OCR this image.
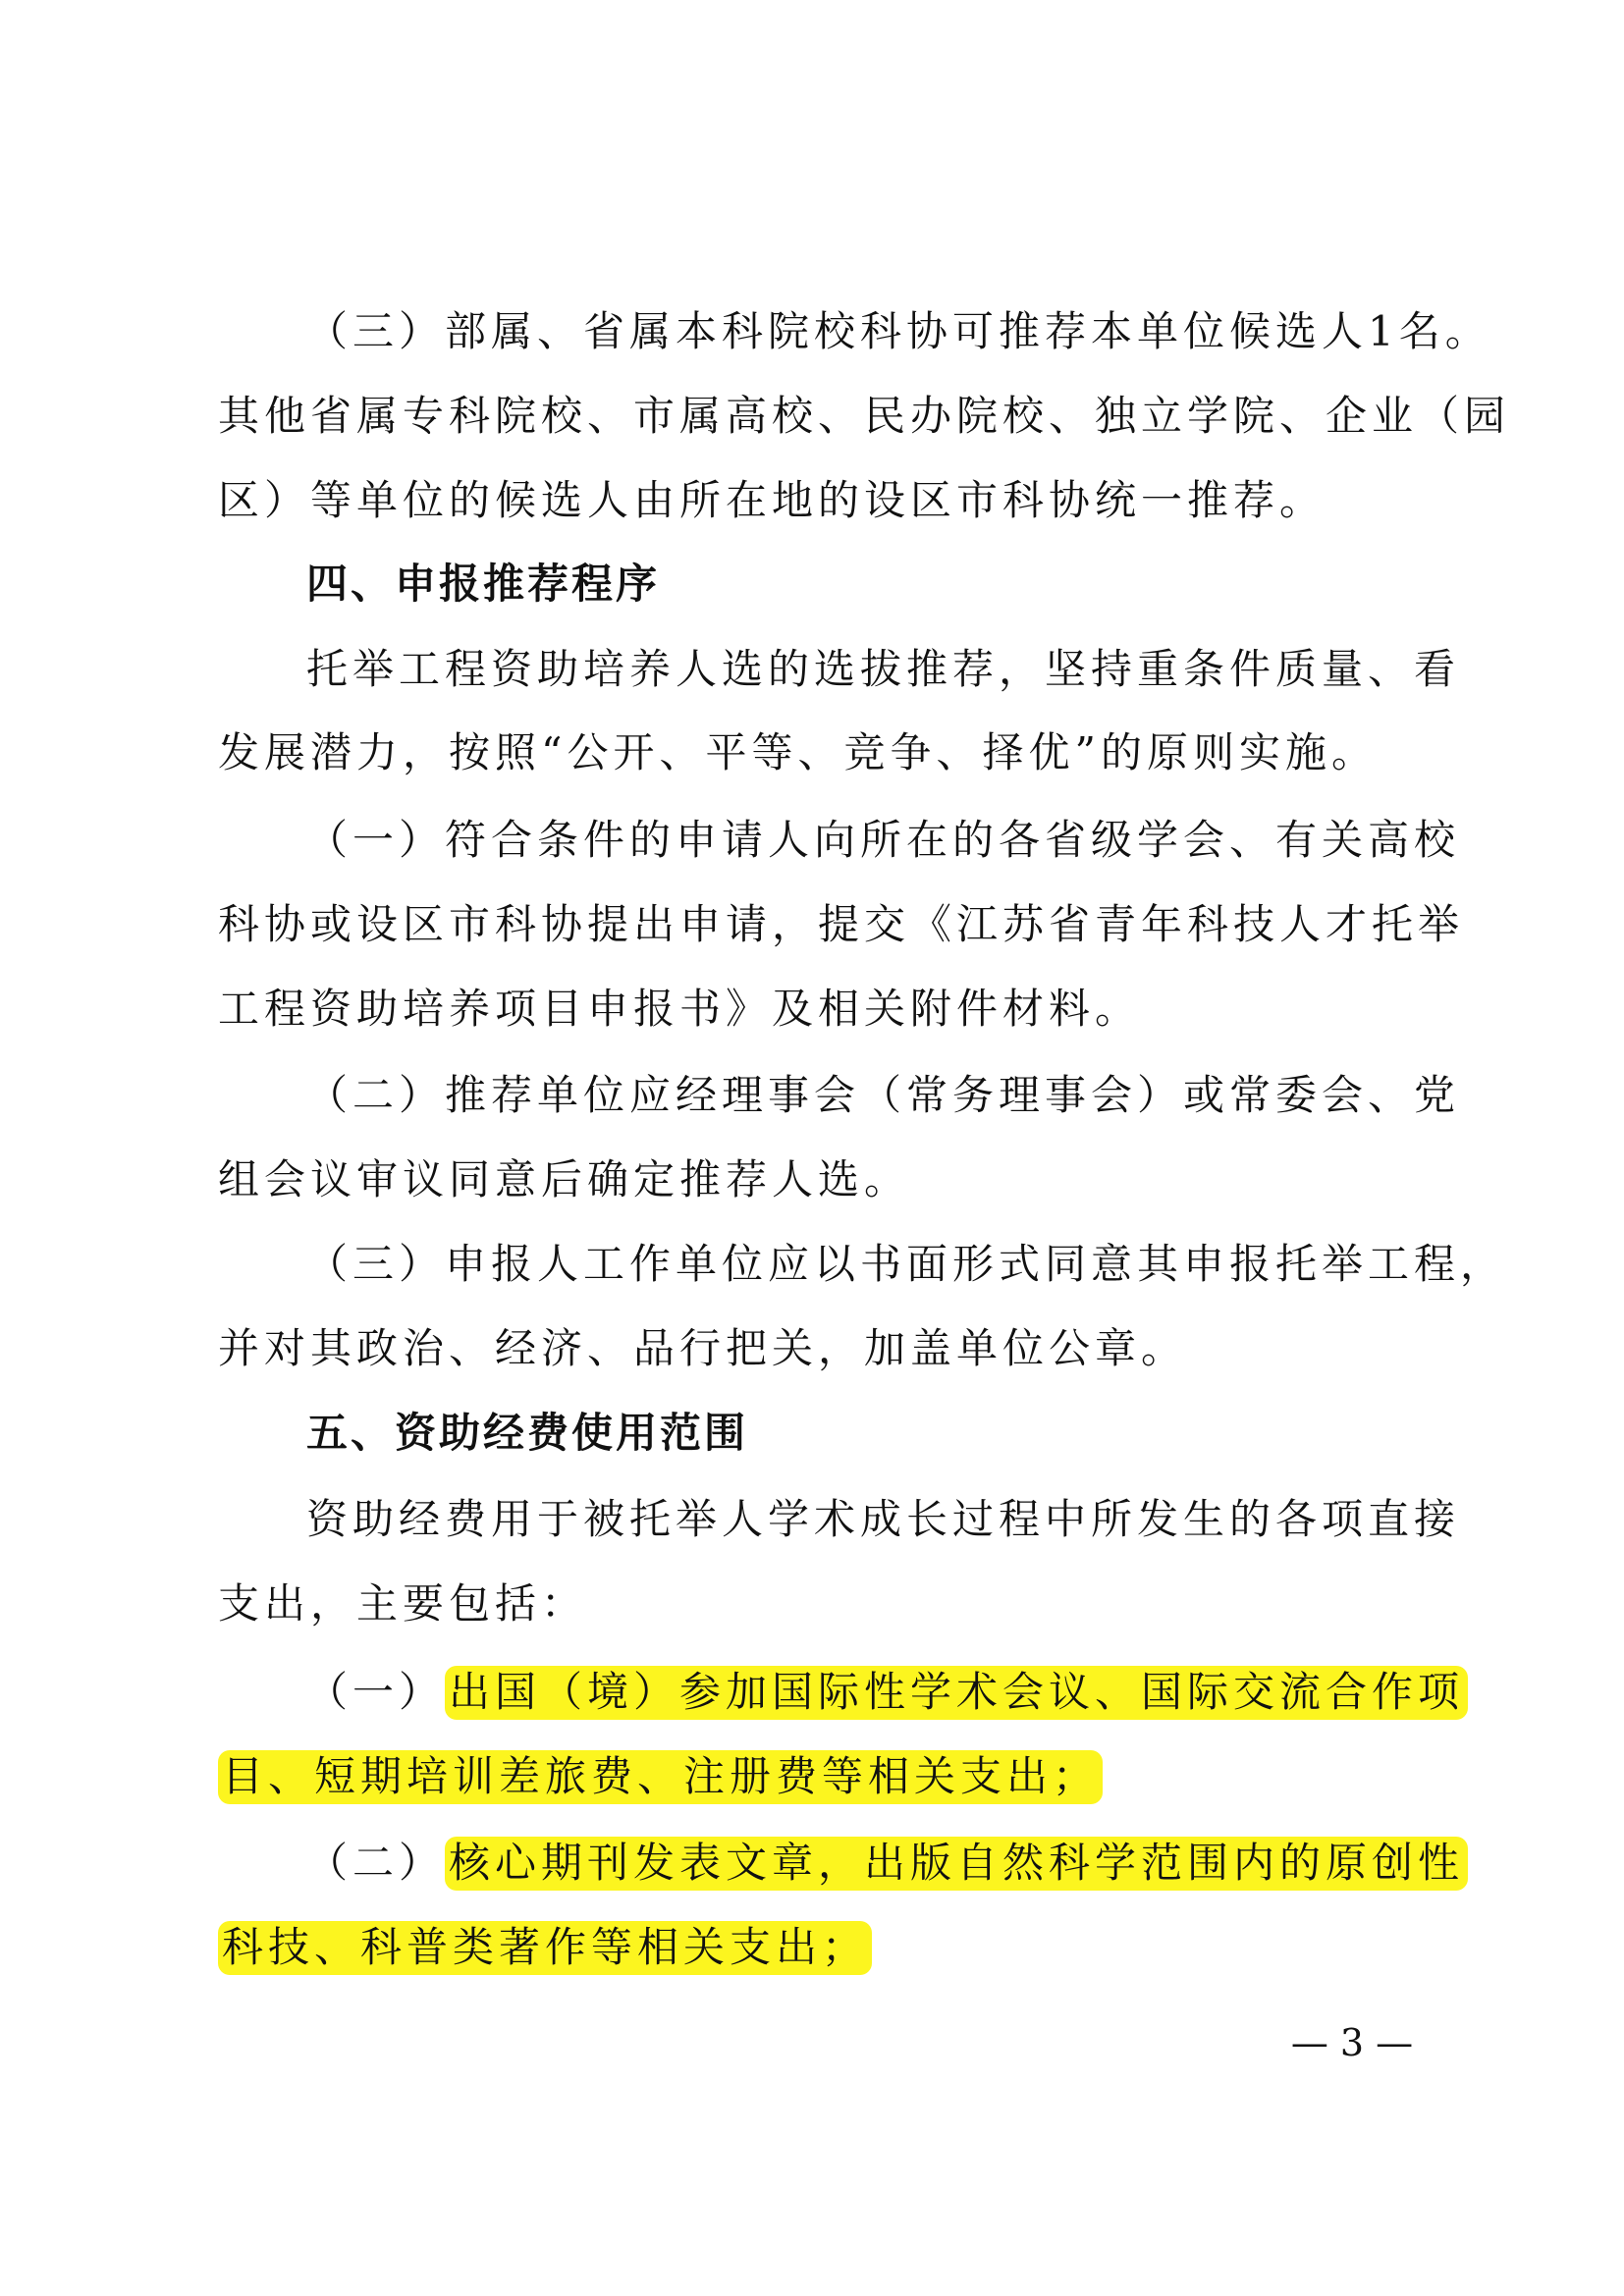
（三）部属、省属本科院校科协可推荐本单位候选人1名。
其他省属专科院校、市属高校、民办院校、独立学院、企业（园
区）等单位的候选人由所在地的设区市科协统一推荐。
四、申报推荐程序
托举工程资助培养人选的选拔推荐，坚持重条件质量、看
发展潜力，按照“公开、平等、竞争、择优”的原则实施。
（一）符合条件的申请人向所在的各省级学会、有关高校
科协或设区市科协提出申请，提交《江苏省青年科技人才托举
工程资助培养项目申报书》及相关附件材料。
（二）推荐单位应经理事会（常务理事会）或常委会、党
组会议审议同意后确定推荐人选。
（三）申报人工作单位应以书面形式同意其申报托举工程，
并对其政治、经济、品行把关，加盖单位公章。
五、资助经费使用范围
资助经费用于被托举人学术成长过程中所发生的各项直接
支出，主要包括：
（一）出国（境）参加国际性学术会议、国际交流合作项
目、短期培训差旅费、注册费等相关支出；
（二）核心期刊发表文章，出版自然科学范围内的原创性
科技、科普类著作等相关支出；
— 3 —
